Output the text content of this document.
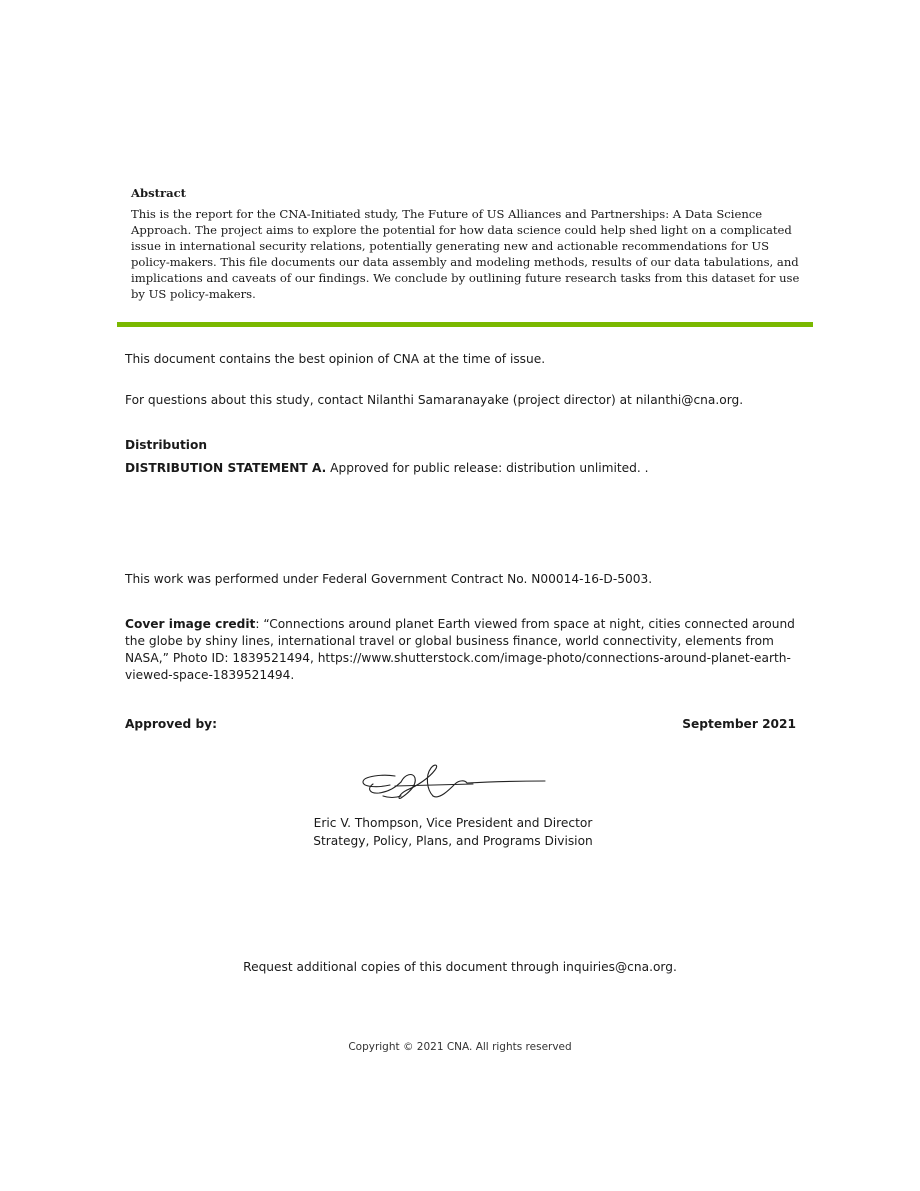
Abstract

This is the report for the CNA-Initiated study, The Future of US Alliances and Partnerships: A Data Science Approach. The project aims to explore the potential for how data science could help shed light on a complicated issue in international security relations, potentially generating new and actionable recommendations for US policy-makers. This file documents our data assembly and modeling methods, results of our data tabulations, and implications and caveats of our findings. We conclude by outlining future research tasks from this dataset for use by US policy-makers.

This document contains the best opinion of CNA at the time of issue.

For questions about this study, contact Nilanthi Samaranayake (project director) at nilanthi@cna.org.

Distribution

DISTRIBUTION STATEMENT A. Approved for public release: distribution unlimited. .

This work was performed under Federal Government Contract No. N00014-16-D-5003.

Cover image credit: “Connections around planet Earth viewed from space at night, cities connected around the globe by shiny lines, international travel or global business finance, world connectivity, elements from NASA,” Photo ID: 1839521494, https://www.shutterstock.com/image-photo/connections-around-planet-earth-viewed-space-1839521494.

Approved by:	September 2021

Eric V. Thompson, Vice President and Director

Strategy, Policy, Plans, and Programs Division

Request additional copies of this document through inquiries@cna.org.

Copyright © 2021 CNA. All rights reserved
